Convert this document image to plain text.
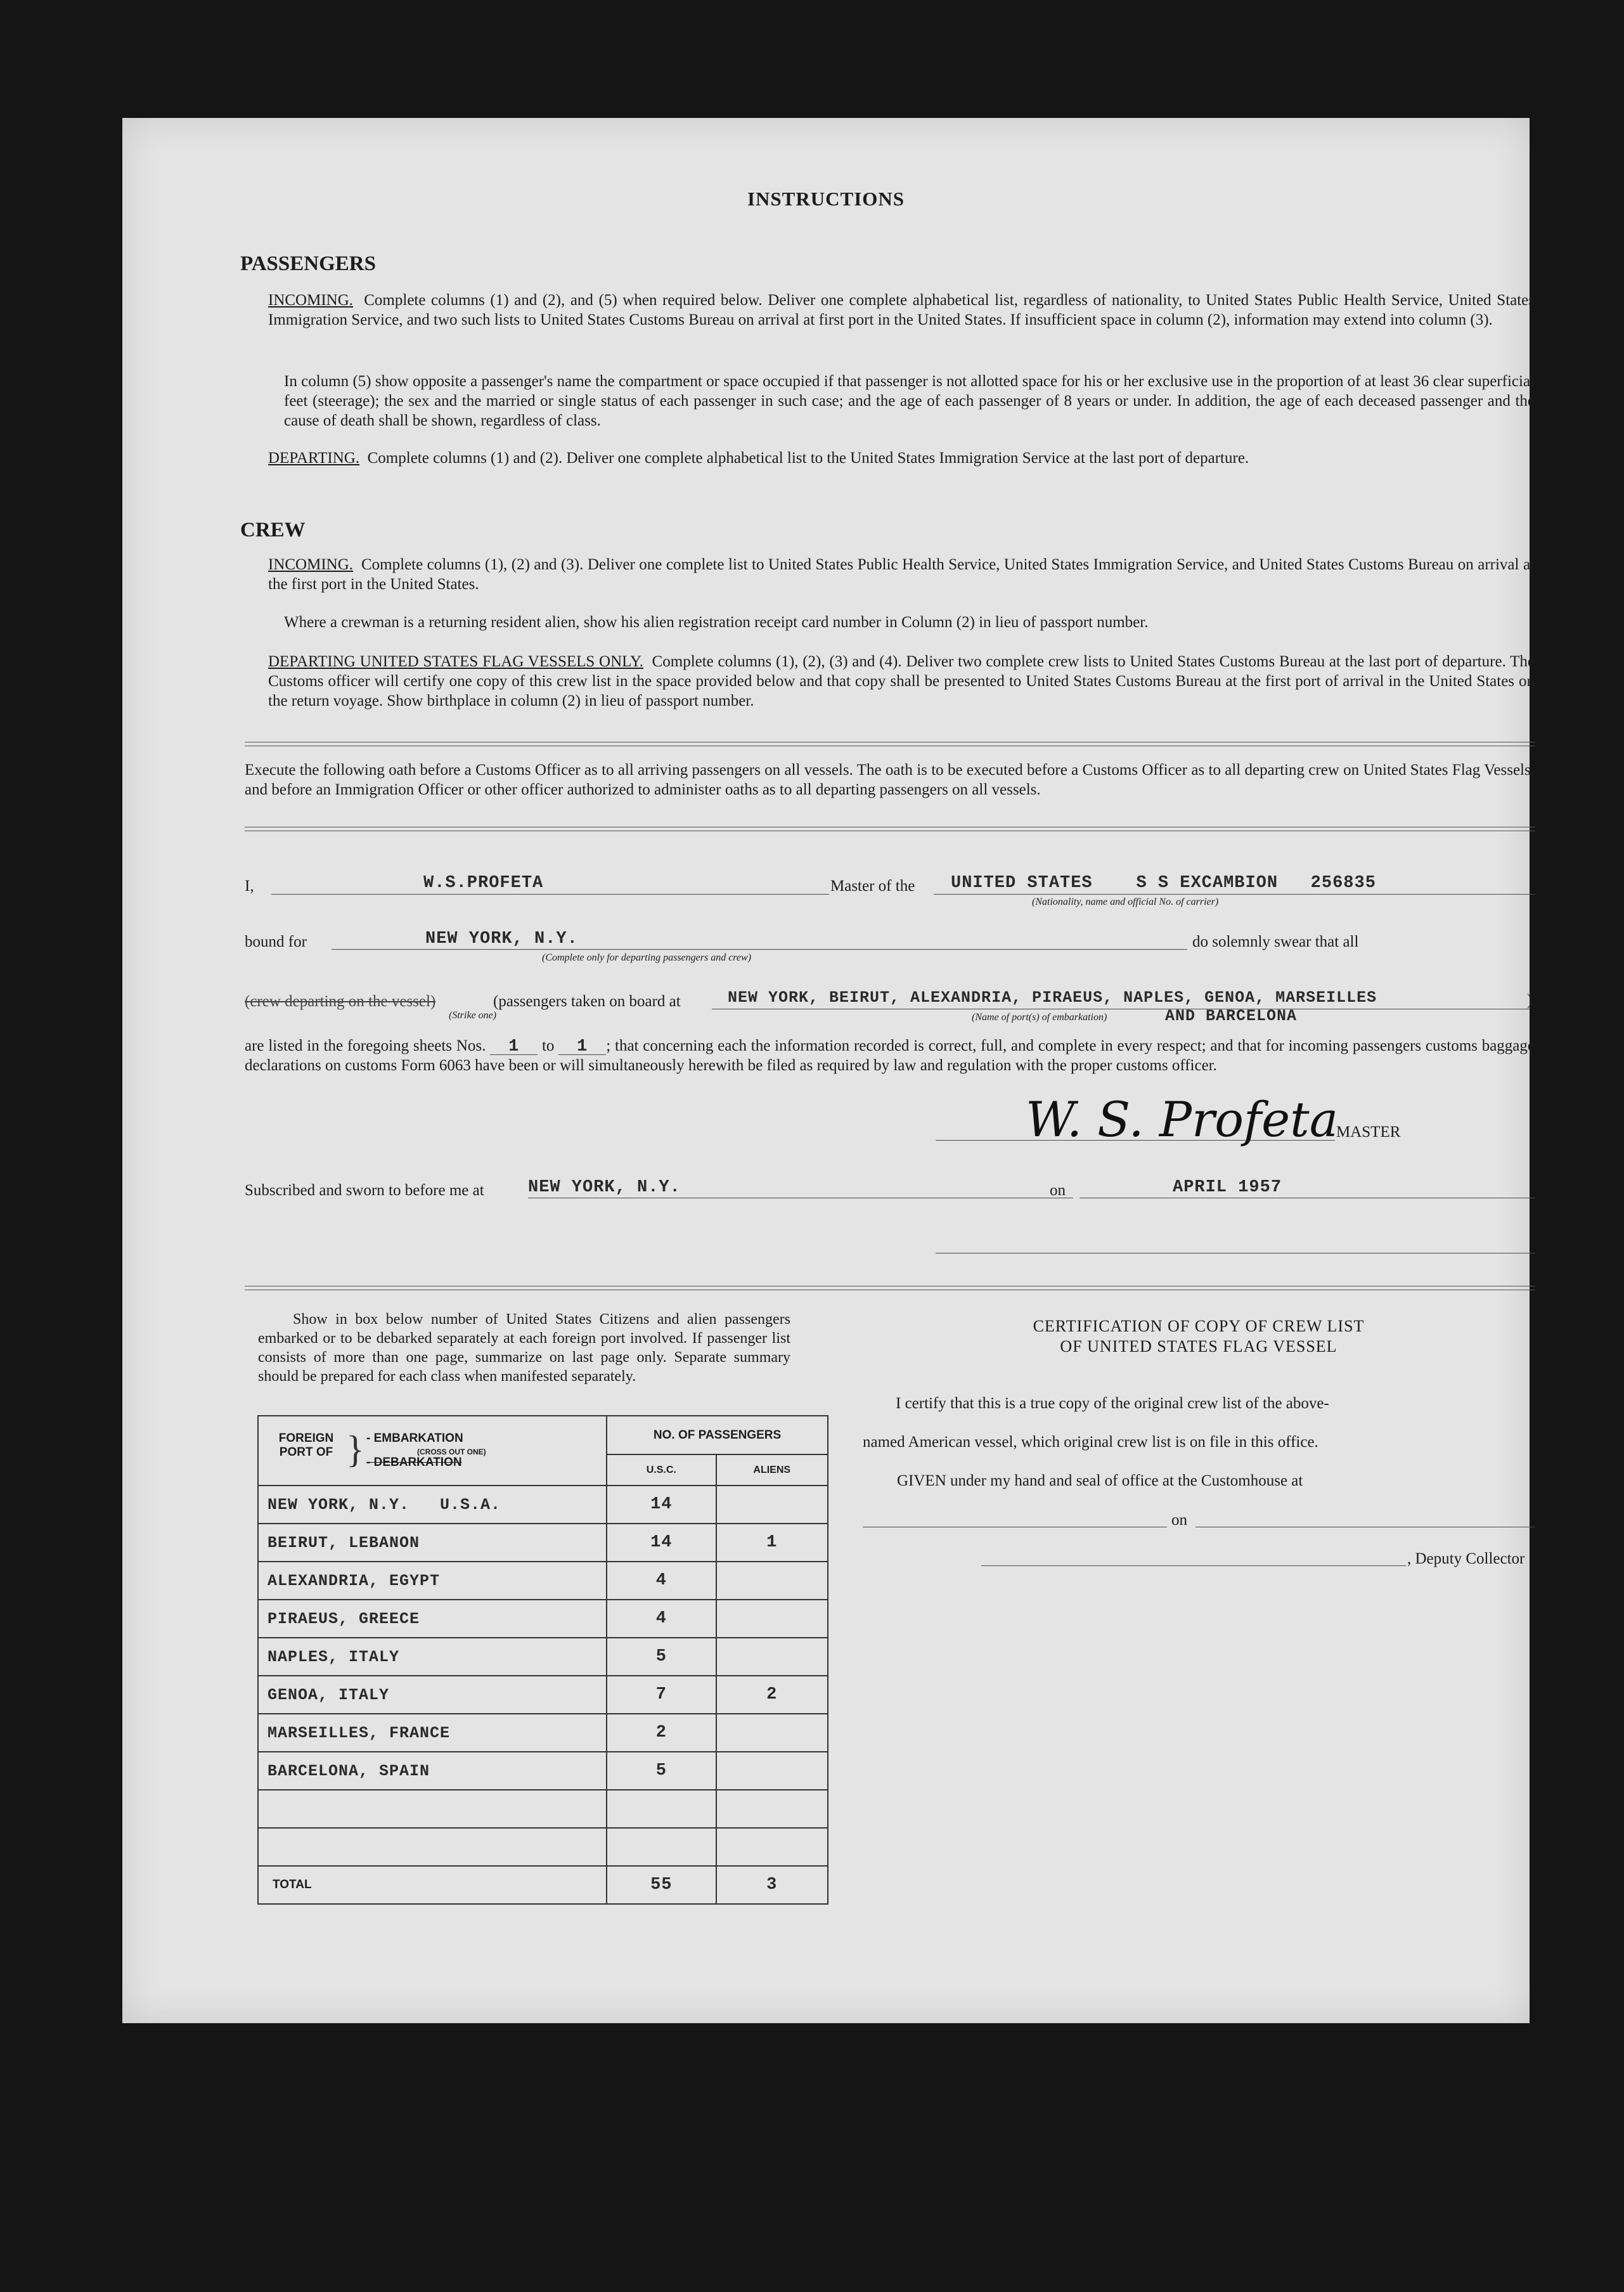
INSTRUCTIONS
PASSENGERS
INCOMING. Complete columns (1) and (2), and (5) when required below. Deliver one complete alphabetical list, regardless of nationality, to United States Public Health Service, United States Immigration Service, and two such lists to United States Customs Bureau on arrival at first port in the United States. If insufficient space in column (2), information may extend into column (3).
In column (5) show opposite a passenger's name the compartment or space occupied if that passenger is not allotted space for his or her exclusive use in the proportion of at least 36 clear superficial feet (steerage); the sex and the married or single status of each passenger in such case; and the age of each passenger of 8 years or under. In addition, the age of each deceased passenger and the cause of death shall be shown, regardless of class.
DEPARTING. Complete columns (1) and (2). Deliver one complete alphabetical list to the United States Immigration Service at the last port of departure.
CREW
INCOMING. Complete columns (1), (2) and (3). Deliver one complete list to United States Public Health Service, United States Immigration Service, and United States Customs Bureau on arrival at the first port in the United States.
Where a crewman is a returning resident alien, show his alien registration receipt card number in Column (2) in lieu of passport number.
DEPARTING UNITED STATES FLAG VESSELS ONLY. Complete columns (1), (2), (3) and (4). Deliver two complete crew lists to United States Customs Bureau at the last port of departure. The Customs officer will certify one copy of this crew list in the space provided below and that copy shall be presented to United States Customs Bureau at the first port of arrival in the United States on the return voyage. Show birthplace in column (2) in lieu of passport number.
Execute the following oath before a Customs Officer as to all arriving passengers on all vessels. The oath is to be executed before a Customs Officer as to all departing crew on United States Flag Vessels, and before an Immigration Officer or other officer authorized to administer oaths as to all departing passengers on all vessels.
I,	W.S.PROFETA	Master of the UNITED STATES    S S EXCAMBION   256835
(Nationality, name and official No. of carrier)
bound for	NEW YORK, N.Y.
(Complete only for departing passengers and crew)
do solemnly swear that all
(crew departing on the vessel)
(Strike one)
(passengers taken on board at	NEW YORK, BEIRUT, ALEXANDRIA, PIRAEUS, NAPLES, GENOA, MARSEILLES
AND BARCELONA
(Name of port(s) of embarkation)
)
are listed in the foregoing sheets Nos. 1 to 1 ; that concerning each the information recorded is correct, full, and complete in every respect; and that for incoming passengers customs baggage declarations on customs Form 6063 have been or will simultaneously herewith be filed as required by law and regulation with the proper customs officer.
W. S. Profeta
MASTER
Subscribed and sworn to before me at	NEW YORK, N.Y.	on	APRIL 1957
Show in box below number of United States Citizens and alien passengers embarked or to be debarked separately at each foreign port involved. If passenger list consists of more than one page, summarize on last page only. Separate summary should be prepared for each class when manifested separately.
FOREIGN PORT OF } - EMBARKATION
(CROSS OUT ONE)
- DEBARKATION	NO. OF PASSENGERS	
	U.S.C.	ALIENS
NEW YORK, N.Y.   U.S.A.	14	
BEIRUT, LEBANON	14	1
ALEXANDRIA, EGYPT	4	
PIRAEUS, GREECE	4	
NAPLES, ITALY	5	
GENOA, ITALY	7	2
MARSEILLES, FRANCE	2	
BARCELONA, SPAIN	5	

TOTAL	55	3
CERTIFICATION OF COPY OF CREW LIST
OF UNITED STATES FLAG VESSEL
I certify that this is a true copy of the original crew list of the above-
named American vessel, which original crew list is on file in this office.
GIVEN under my hand and seal of office at the Customhouse at
on
, Deputy Collector
